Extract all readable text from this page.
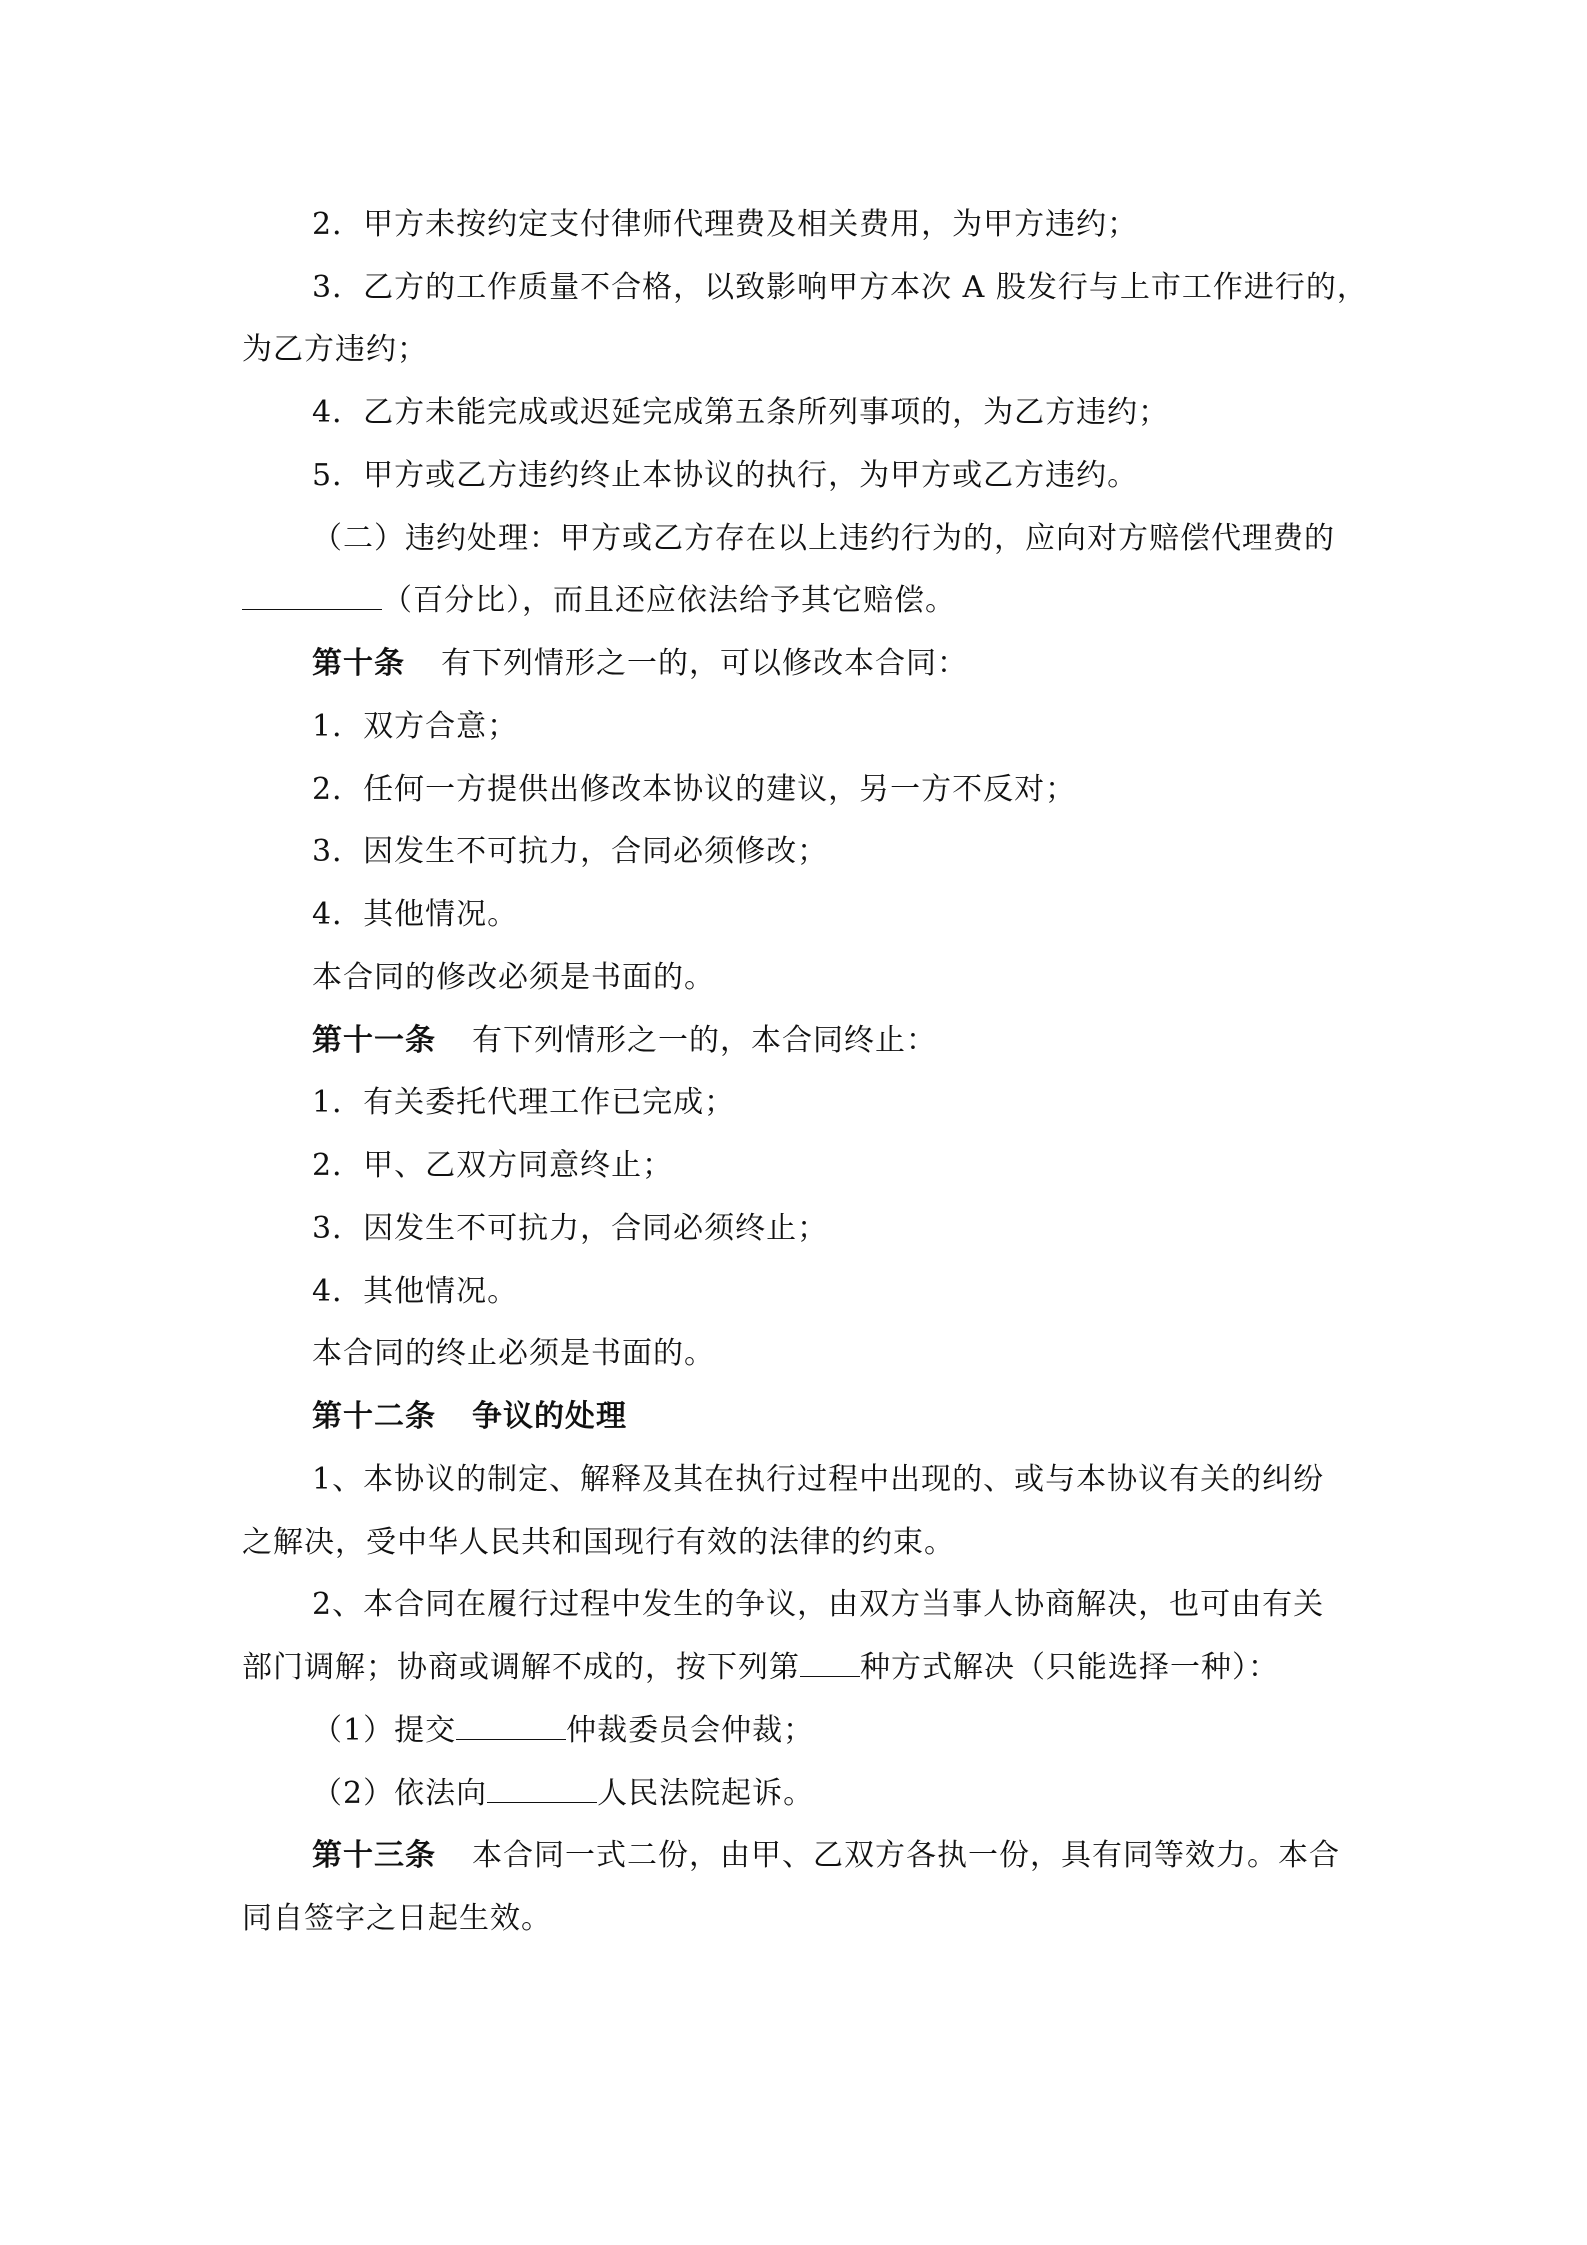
2．甲方未按约定支付律师代理费及相关费用，为甲方违约；
3．乙方的工作质量不合格，以致影响甲方本次 A 股发行与上市工作进行的，
为乙方违约；
4．乙方未能完成或迟延完成第五条所列事项的，为乙方违约；
5．甲方或乙方违约终止本协议的执行，为甲方或乙方违约。
（二）违约处理：甲方或乙方存在以上违约行为的，应向对方赔偿代理费的
（百分比），而且还应依法给予其它赔偿。
第十条 有下列情形之一的，可以修改本合同：
1．双方合意；
2．任何一方提供出修改本协议的建议，另一方不反对；
3．因发生不可抗力，合同必须修改；
4．其他情况。
本合同的修改必须是书面的。
第十一条 有下列情形之一的，本合同终止：
1．有关委托代理工作已完成；
2．甲、乙双方同意终止；
3．因发生不可抗力，合同必须终止；
4．其他情况。
本合同的终止必须是书面的。
第十二条 争议的处理
1、本协议的制定、解释及其在执行过程中出现的、或与本协议有关的纠纷
之解决，受中华人民共和国现行有效的法律的约束。
2、本合同在履行过程中发生的争议，由双方当事人协商解决，也可由有关
部门调解；协商或调解不成的，按下列第 种方式解决（只能选择一种）：
（1）提交	仲裁委员会仲裁；
（2）依法向	人民法院起诉。
第十三条 本合同一式二份，由甲、乙双方各执一份，具有同等效力。本合
同自签字之日起生效。
